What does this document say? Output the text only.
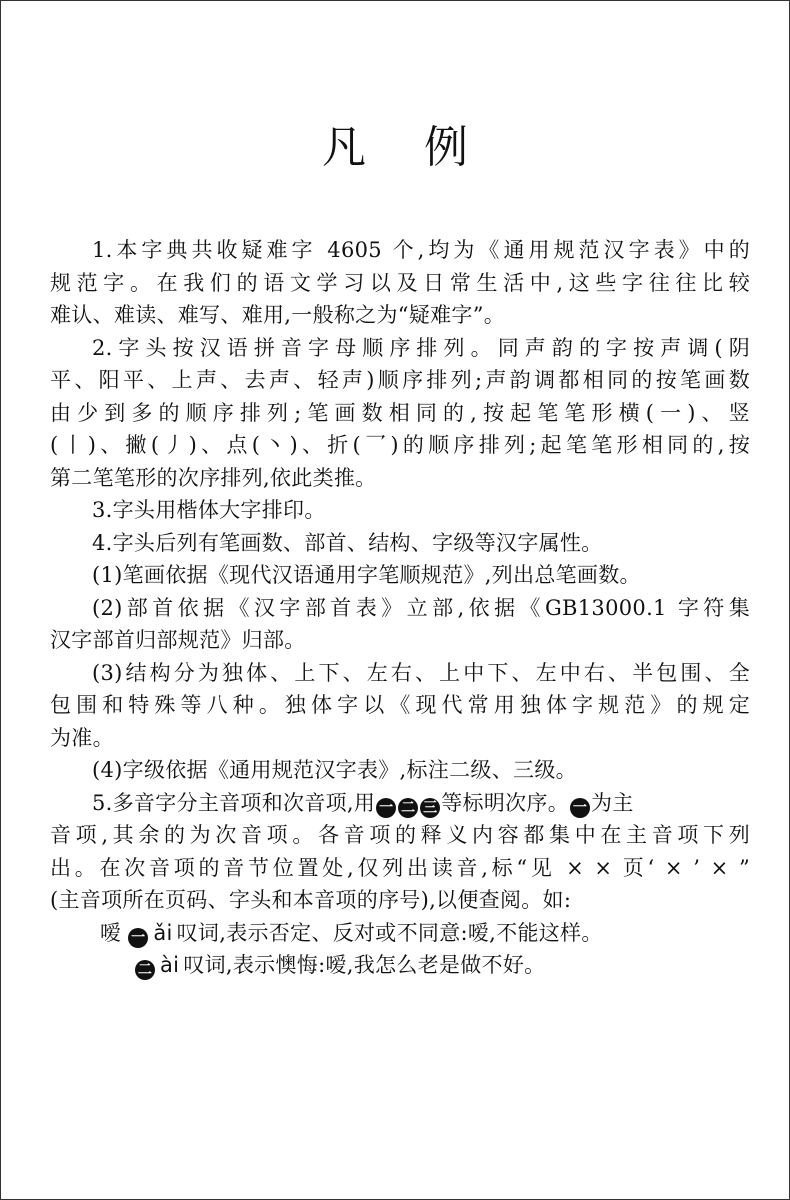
凡 例
1.本字典共收疑难字 4605 个,均为《通用规范汉字表》中的
规范字。在我们的语文学习以及日常生活中,这些字往往比较
难认、难读、难写、难用,一般称之为“疑难字”。
2.字头按汉语拼音字母顺序排列。同声韵的字按声调(阴
平、阳平、上声、去声、轻声)顺序排列;声韵调都相同的按笔画数
由少到多的顺序排列;笔画数相同的,按起笔笔形横(一)、竖
(丨)、撇(丿)、点(丶)、折(乛)的顺序排列;起笔笔形相同的,按
第二笔笔形的次序排列,依此类推。
3.字头用楷体大字排印。
4.字头后列有笔画数、部首、结构、字级等汉字属性。
(1)笔画依据《现代汉语通用字笔顺规范》,列出总笔画数。
(2)部首依据《汉字部首表》立部,依据《GB13000.1 字符集
汉字部首归部规范》归部。
(3)结构分为独体、上下、左右、上中下、左中右、半包围、全
包围和特殊等八种。独体字以《现代常用独体字规范》的规定
为准。
(4)字级依据《通用规范汉字表》,标注二级、三级。
5.多音字分主音项和次音项,用 一 二 三 等标明次序。 一 为主
音项,其余的为次音项。各音项的释义内容都集中在主音项下列
出。在次音项的音节位置处,仅列出读音,标“见 × × 页‘ × ’ × ”
(主音项所在页码、字头和本音项的序号),以便查阅。如:
嗳 一 ǎi 叹词,表示否定、反对或不同意:嗳,不能这样。
二 ài 叹词,表示懊悔:嗳,我怎么老是做不好。
